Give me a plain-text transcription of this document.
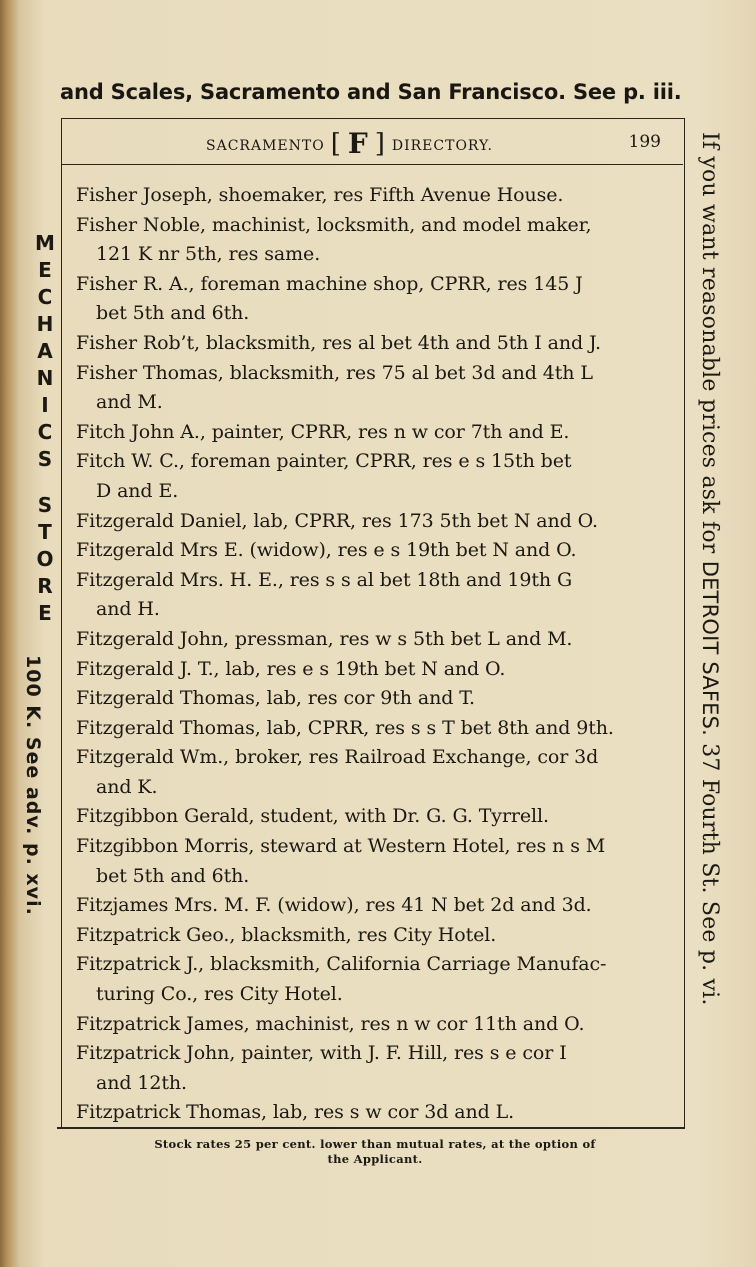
and Scales, Sacramento and San Francisco. See p. iii.
SACRAMENTO [ F ] DIRECTORY.	199
Fisher Joseph, shoemaker, res Fifth Avenue House.
Fisher Noble, machinist, locksmith, and model maker,
121 K nr 5th, res same.
Fisher R. A., foreman machine shop, CPRR, res 145 J
bet 5th and 6th.
Fisher Rob’t, blacksmith, res al bet 4th and 5th I and J.
Fisher Thomas, blacksmith, res 75 al bet 3d and 4th L
and M.
Fitch John A., painter, CPRR, res n w cor 7th and E.
Fitch W. C., foreman painter, CPRR, res e s 15th bet
D and E.
Fitzgerald Daniel, lab, CPRR, res 173 5th bet N and O.
Fitzgerald Mrs E. (widow), res e s 19th bet N and O.
Fitzgerald Mrs. H. E., res s s al bet 18th and 19th G
and H.
Fitzgerald John, pressman, res w s 5th bet L and M.
Fitzgerald J. T., lab, res e s 19th bet N and O.
Fitzgerald Thomas, lab, res cor 9th and T.
Fitzgerald Thomas, lab, CPRR, res s s T bet 8th and 9th.
Fitzgerald Wm., broker, res Railroad Exchange, cor 3d
and K.
Fitzgibbon Gerald, student, with Dr. G. G. Tyrrell.
Fitzgibbon Morris, steward at Western Hotel, res n s M
bet 5th and 6th.
Fitzjames Mrs. M. F. (widow), res 41 N bet 2d and 3d.
Fitzpatrick Geo., blacksmith, res City Hotel.
Fitzpatrick J., blacksmith, California Carriage Manufac-
turing Co., res City Hotel.
Fitzpatrick James, machinist, res n w cor 11th and O.
Fitzpatrick John, painter, with J. F. Hill, res s e cor I
and 12th.
Fitzpatrick Thomas, lab, res s w cor 3d and L.
M
E
C
H
A
N
I
C
S
S
T
O
R
E
100 K. See adv. p. xvi.
If you want reasonable prices ask for DETROIT SAFES. 37 Fourth St. See p. vi.
Stock rates 25 per cent. lower than mutual rates, at the option of
the Applicant.
